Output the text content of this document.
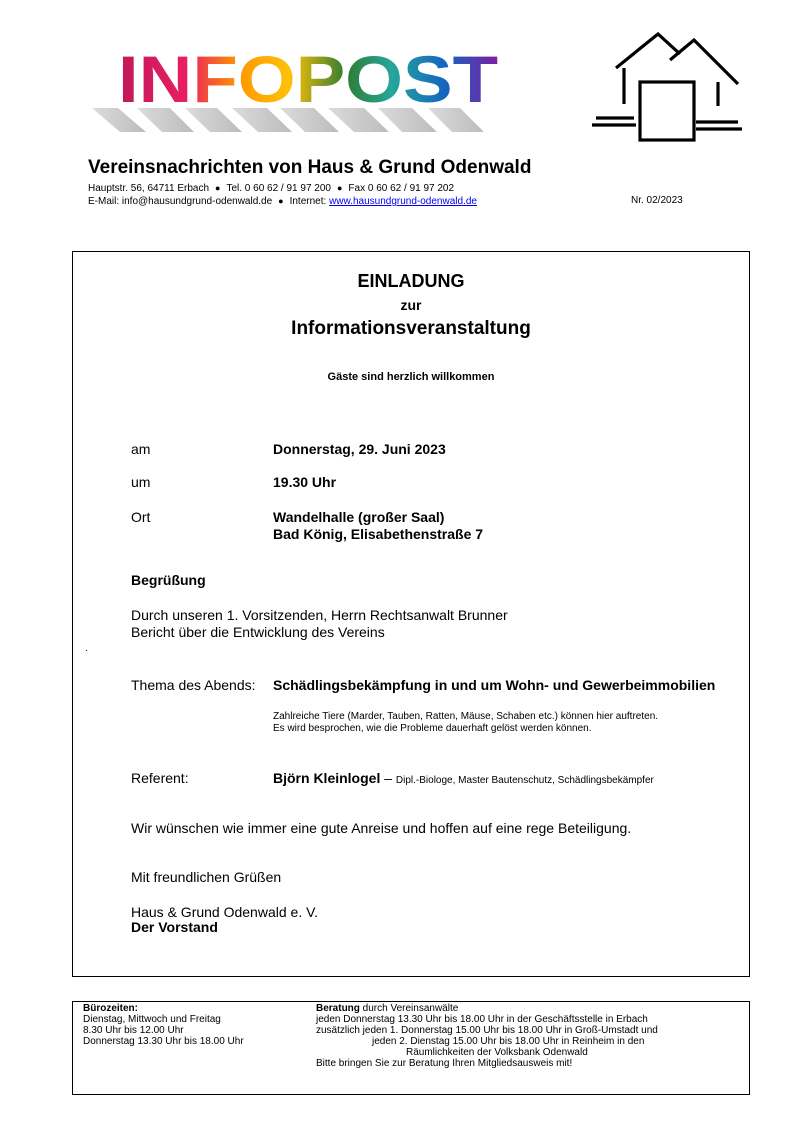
INFOPOST
Vereinsnachrichten von Haus & Grund Odenwald
Hauptstr. 56, 64711 Erbach ● Tel. 0 60 62 / 91 97 200 ● Fax 0 60 62 / 91 97 202
E-Mail: info@hausundgrund-odenwald.de ● Internet: www.hausundgrund-odenwald.de	Nr. 02/2023
EINLADUNG
zur
Informationsveranstaltung
Gäste sind herzlich willkommen
am	Donnerstag, 29. Juni 2023
um	19.30 Uhr
Ort	Wandelhalle (großer Saal)
Bad König, Elisabethenstraße 7
Begrüßung
Durch unseren 1. Vorsitzenden, Herrn Rechtsanwalt Brunner
Bericht über die Entwicklung des Vereins
.
Thema des Abends: Schädlingsbekämpfung in und um Wohn- und Gewerbeimmobilien
Zahlreiche Tiere (Marder, Tauben, Ratten, Mäuse, Schaben etc.) können hier auftreten.
Es wird besprochen, wie die Probleme dauerhaft gelöst werden können.
Referent:	Björn Kleinlogel – Dipl.-Biologe, Master Bautenschutz, Schädlingsbekämpfer
Wir wünschen wie immer eine gute Anreise und hoffen auf eine rege Beteiligung.
Mit freundlichen Grüßen
Haus & Grund Odenwald e. V.
Der Vorstand
Bürozeiten:
Dienstag, Mittwoch und Freitag
8.30 Uhr bis 12.00 Uhr
Donnerstag 13.30 Uhr bis 18.00 Uhr
Beratung durch Vereinsanwälte
jeden Donnerstag 13.30 Uhr bis 18.00 Uhr in der Geschäftsstelle in Erbach
zusätzlich jeden 1. Donnerstag 15.00 Uhr bis 18.00 Uhr in Groß-Umstadt und
jeden 2. Dienstag 15.00 Uhr bis 18.00 Uhr in Reinheim in den
Räumlichkeiten der Volksbank Odenwald
Bitte bringen Sie zur Beratung Ihren Mitgliedsausweis mit!
